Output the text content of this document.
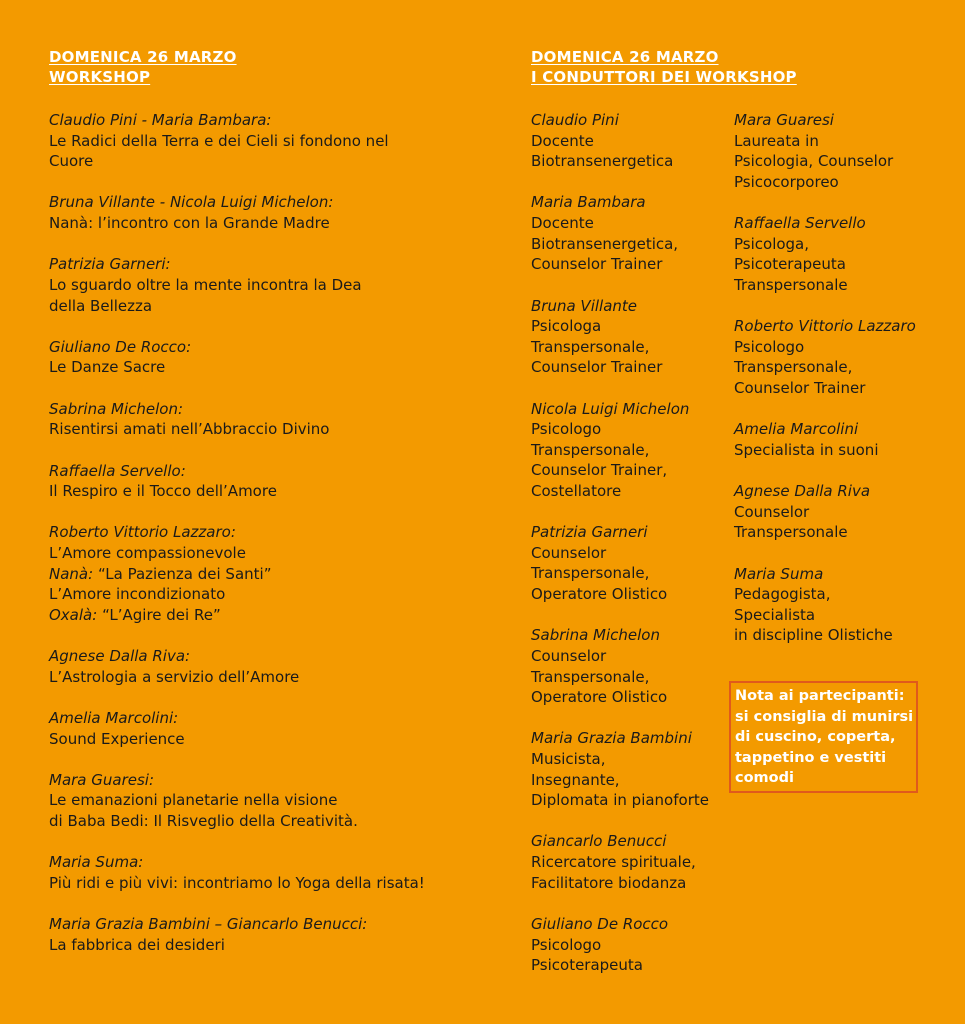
DOMENICA 26 MARZO
WORKSHOP
DOMENICA 26 MARZO
I CONDUTTORI DEI WORKSHOP
Claudio Pini - Maria Bambara:
Le Radici della Terra e dei Cieli si fondono nel
Cuore
Bruna Villante - Nicola Luigi Michelon:
Nanà: l’incontro con la Grande Madre
Patrizia Garneri:
Lo sguardo oltre la mente incontra la Dea
della Bellezza
Giuliano De Rocco:
Le Danze Sacre
Sabrina Michelon:
Risentirsi amati nell’Abbraccio Divino
Raffaella Servello:
Il Respiro e il Tocco dell’Amore
Roberto Vittorio Lazzaro:
L’Amore compassionevole
Nanà: “La Pazienza dei Santi”
L’Amore incondizionato
Oxalà: “L’Agire dei Re”
Agnese Dalla Riva:
L’Astrologia a servizio dell’Amore
Amelia Marcolini:
Sound Experience
Mara Guaresi:
Le emanazioni planetarie nella visione
di Baba Bedi: Il Risveglio della Creatività.
Maria Suma:
Più ridi e più vivi: incontriamo lo Yoga della risata!
Maria Grazia Bambini – Giancarlo Benucci:
La fabbrica dei desideri
Claudio Pini
Docente
Biotransenergetica
Maria Bambara
Docente
Biotransenergetica,
Counselor Trainer
Bruna Villante
Psicologa
Transpersonale,
Counselor Trainer
Nicola Luigi Michelon
Psicologo
Transpersonale,
Counselor Trainer,
Costellatore
Patrizia Garneri
Counselor
Transpersonale,
Operatore Olistico
Sabrina Michelon
Counselor
Transpersonale,
Operatore Olistico
Maria Grazia Bambini
Musicista,
Insegnante,
Diplomata in pianoforte
Giancarlo Benucci
Ricercatore spirituale,
Facilitatore biodanza
Giuliano De Rocco
Psicologo
Psicoterapeuta
Mara Guaresi
Laureata in
Psicologia, Counselor
Psicocorporeo
Raffaella Servello
Psicologa,
Psicoterapeuta
Transpersonale
Roberto Vittorio Lazzaro
Psicologo
Transpersonale,
Counselor Trainer
Amelia Marcolini
Specialista in suoni
Agnese Dalla Riva
Counselor
Transpersonale
Maria Suma
Pedagogista,
Specialista
in discipline Olistiche
Nota ai partecipanti:
si consiglia di munirsi
di cuscino, coperta,
tappetino e vestiti
comodi
